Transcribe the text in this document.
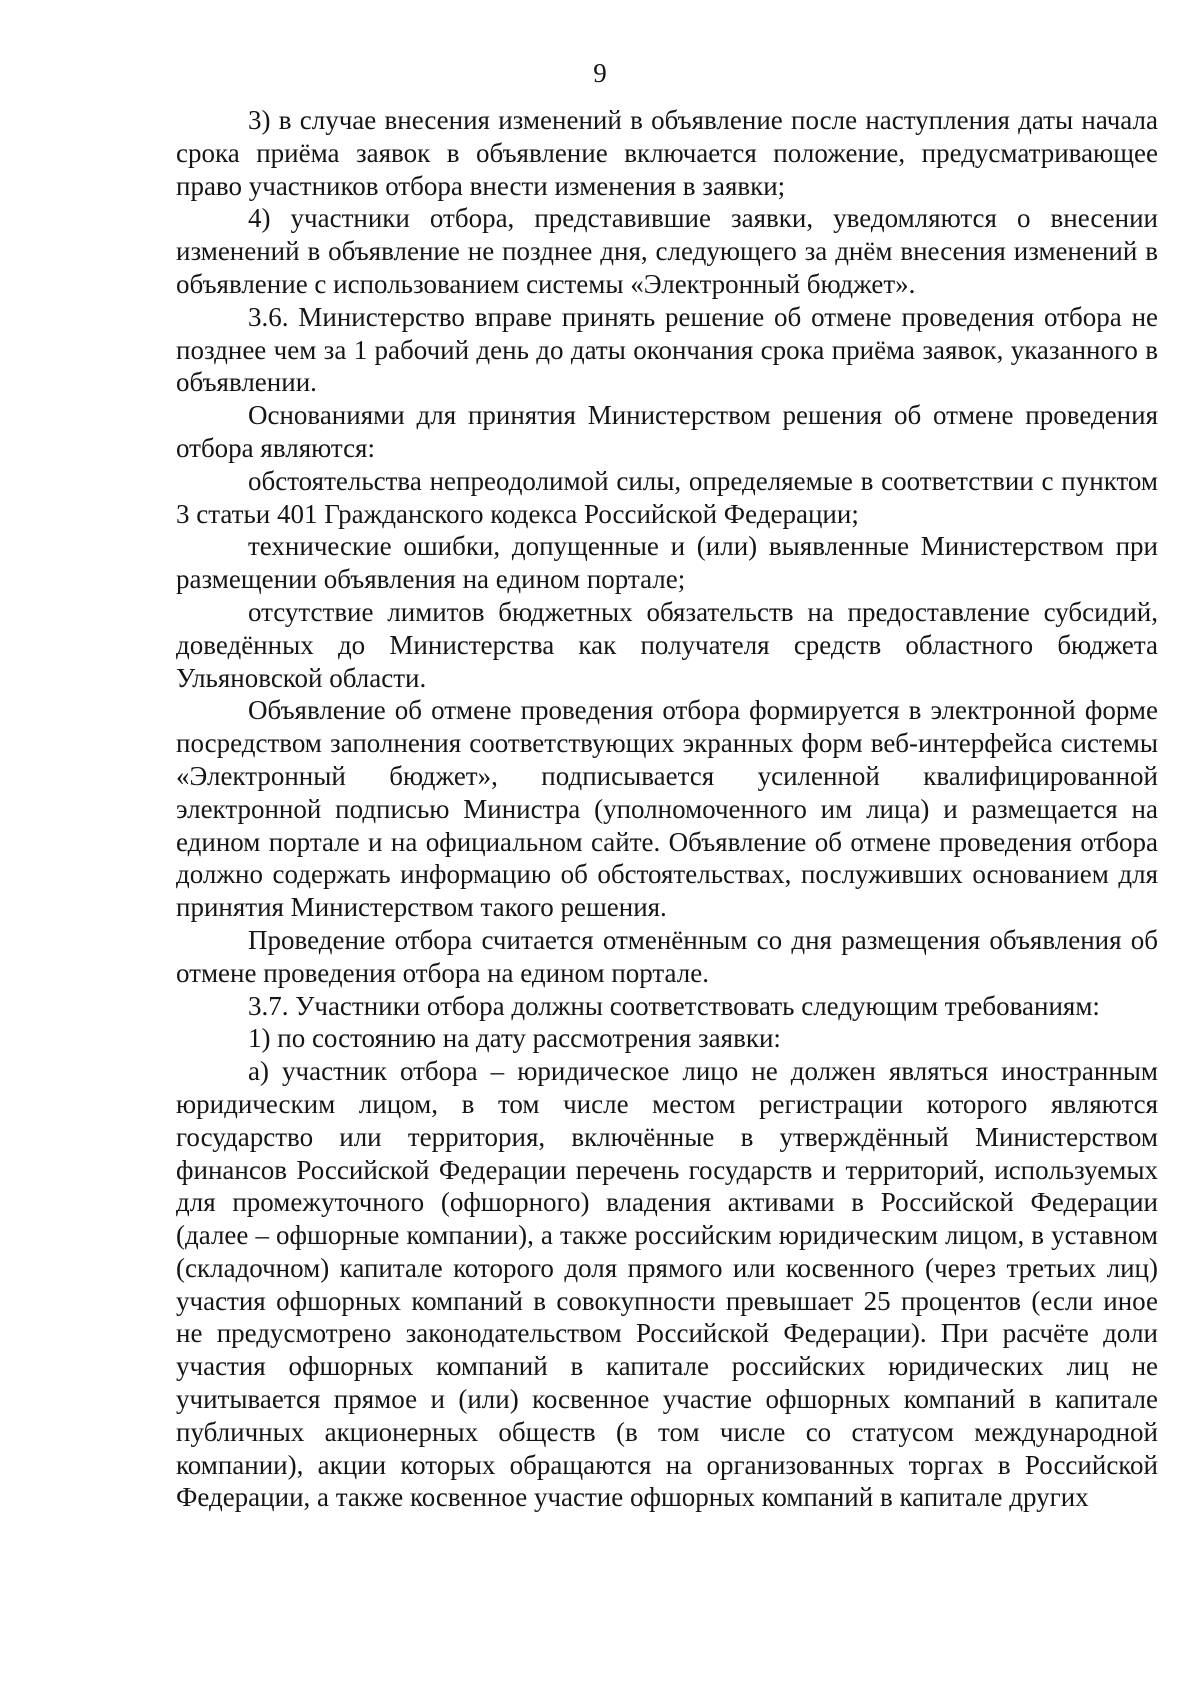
9

3) в случае внесения изменений в объявление после наступления даты начала срока приёма заявок в объявление включается положение, предусматривающее право участников отбора внести изменения в заявки;

4) участники отбора, представившие заявки, уведомляются о внесении изменений в объявление не позднее дня, следующего за днём внесения изменений в объявление с использованием системы «Электронный бюджет».

3.6. Министерство вправе принять решение об отмене проведения отбора не позднее чем за 1 рабочий день до даты окончания срока приёма заявок, указанного в объявлении.

Основаниями для принятия Министерством решения об отмене проведения отбора являются:

обстоятельства непреодолимой силы, определяемые в соответствии с пунктом 3 статьи 401 Гражданского кодекса Российской Федерации;

технические ошибки, допущенные и (или) выявленные Министерством при размещении объявления на едином портале;

отсутствие лимитов бюджетных обязательств на предоставление субсидий, доведённых до Министерства как получателя средств областного бюджета Ульяновской области.

Объявление об отмене проведения отбора формируется в электронной форме посредством заполнения соответствующих экранных форм веб-интерфейса системы «Электронный бюджет», подписывается усиленной квалифицированной электронной подписью Министра (уполномоченного им лица) и размещается на едином портале и на официальном сайте. Объявление об отмене проведения отбора должно содержать информацию об обстоятельствах, послуживших основанием для принятия Министерством такого решения.

Проведение отбора считается отменённым со дня размещения объявления об отмене проведения отбора на едином портале.

3.7. Участники отбора должны соответствовать следующим требованиям:

1) по состоянию на дату рассмотрения заявки:

а) участник отбора – юридическое лицо не должен являться иностранным юридическим лицом, в том числе местом регистрации которого являются государство или территория, включённые в утверждённый Министерством финансов Российской Федерации перечень государств и территорий, используемых для промежуточного (офшорного) владения активами в Российской Федерации (далее – офшорные компании), а также российским юридическим лицом, в уставном (складочном) капитале которого доля прямого или косвенного (через третьих лиц) участия офшорных компаний в совокупности превышает 25 процентов (если иное не предусмотрено законодательством Российской Федерации). При расчёте доли участия офшорных компаний в капитале российских юридических лиц не учитывается прямое и (или) косвенное участие офшорных компаний в капитале публичных акционерных обществ (в том числе со статусом международной компании), акции которых обращаются на организованных торгах в Российской Федерации, а также косвенное участие офшорных компаний в капитале других
